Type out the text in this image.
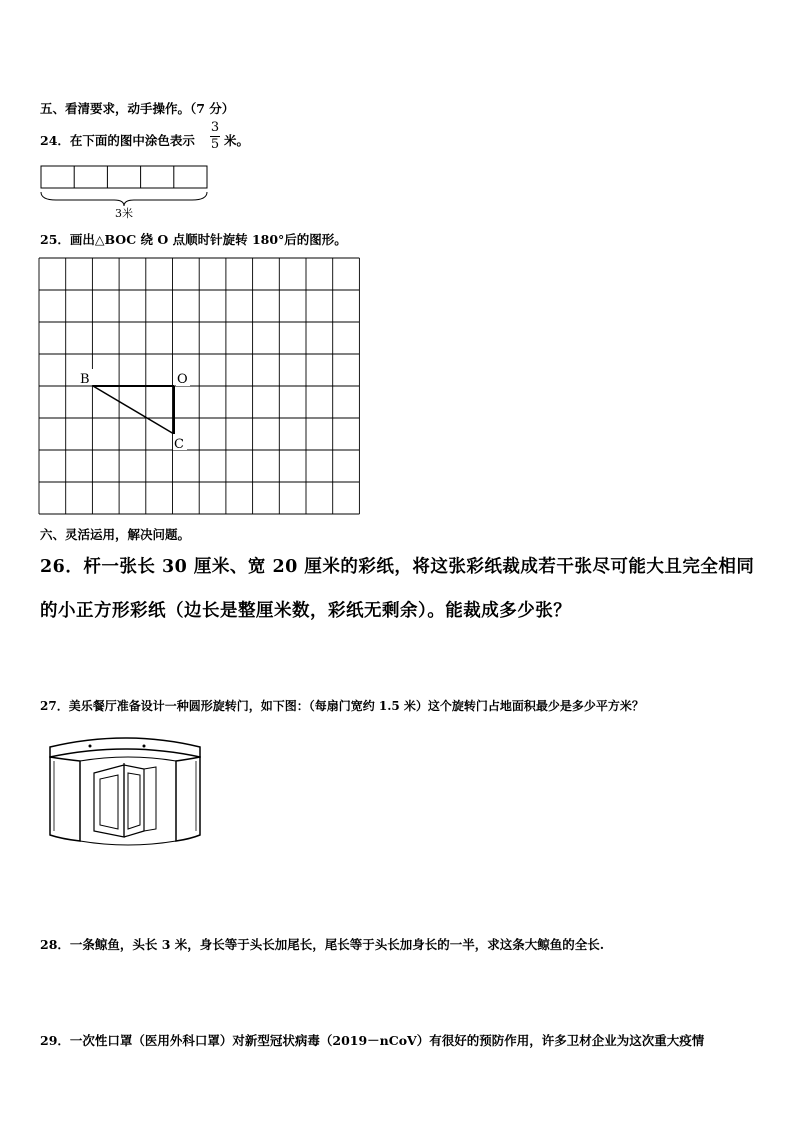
五、看清要求，动手操作。（7 分）
24．在下面的图中涂色表示
3
5 米。
3米
25．画出△BOC 绕 O 点顺时针旋转 180°后的图形。
B	O
C
六、灵活运用，解决问题。
26．杆一张长 30 厘米、宽 20 厘米的彩纸，将这张彩纸裁成若干张尽可能大且完全相同
的小正方形彩纸（边长是整厘米数，彩纸无剩余）。能裁成多少张？
27．美乐餐厅准备设计一种圆形旋转门，如下图：（每扇门宽约 1.5 米）这个旋转门占地面积最少是多少平方米？
28．一条鲸鱼，头长 3 米，身长等于头长加尾长，尾长等于头长加身长的一半，求这条大鲸鱼的全长.
29．一次性口罩（医用外科口罩）对新型冠状病毒（2019－nCoV）有很好的预防作用，许多卫材企业为这次重大疫情
